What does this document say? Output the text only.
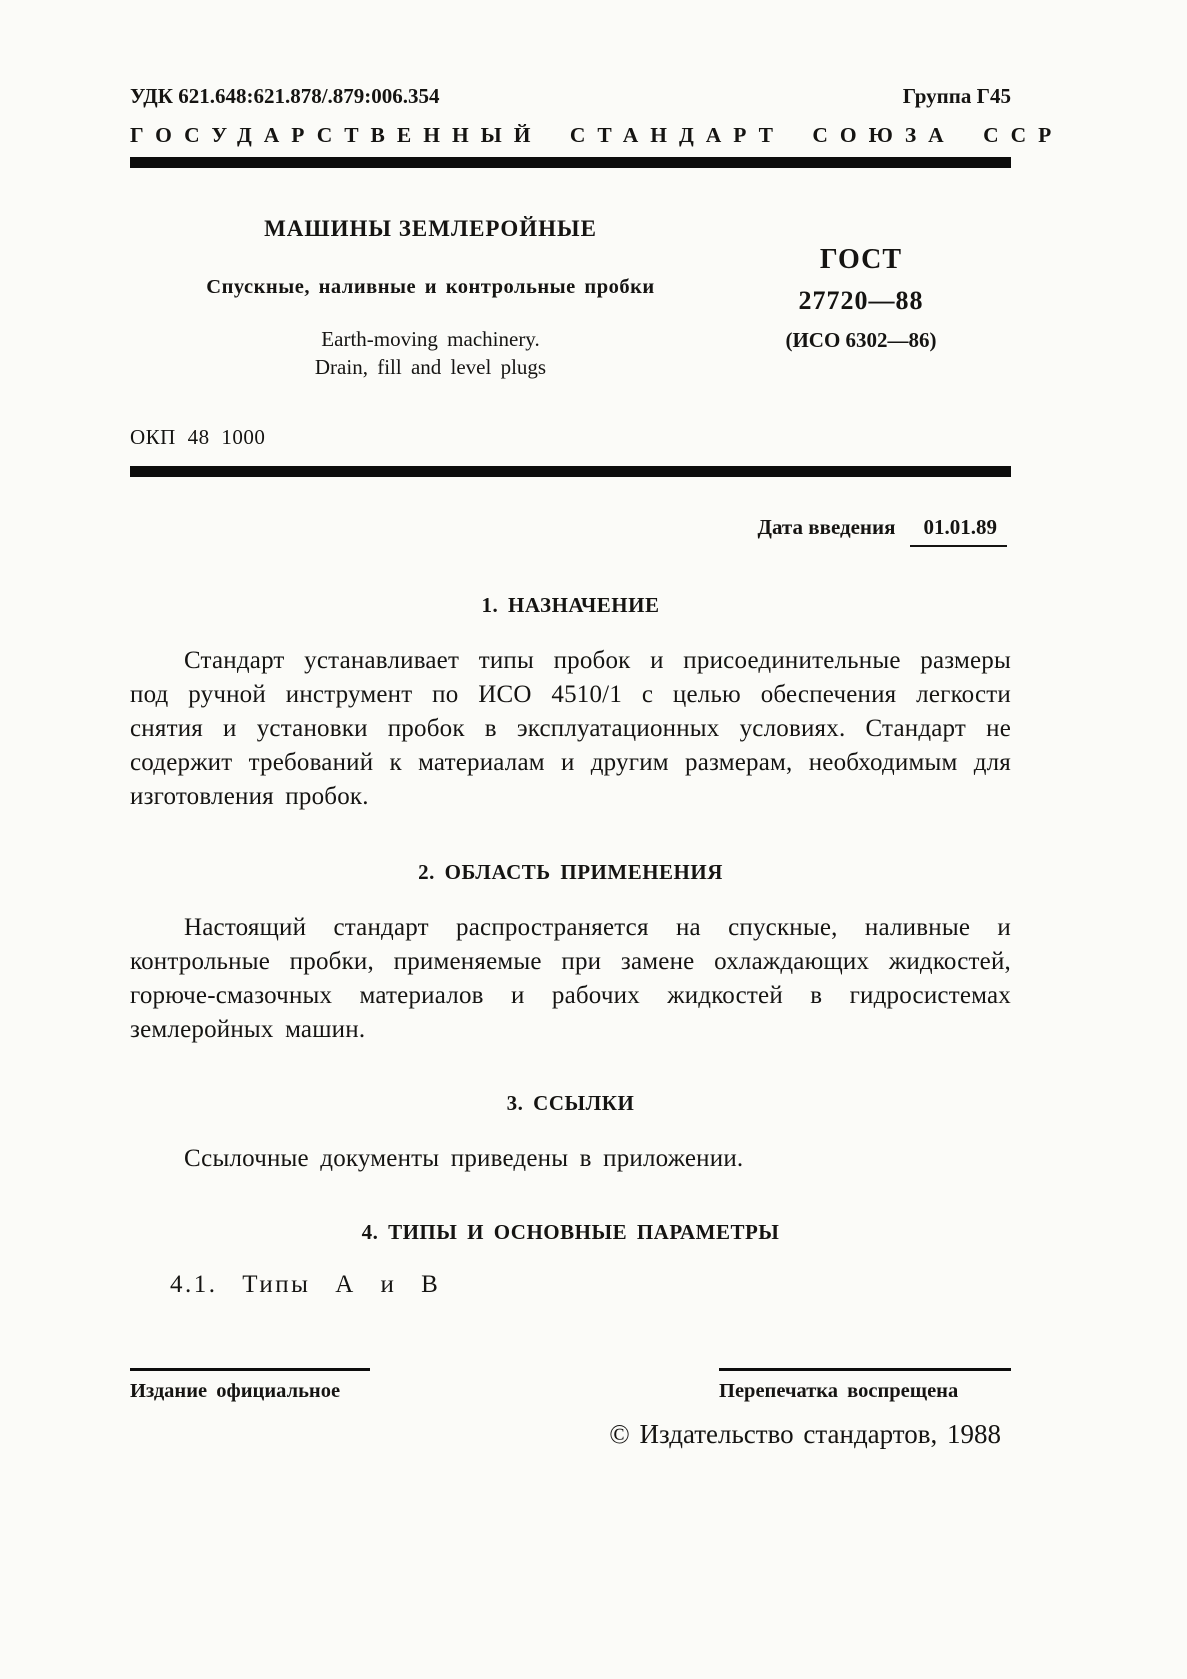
УДК 621.648:621.878/.879:006.354	Группа Г45
ГОСУДАРСТВЕННЫЙ СТАНДАРТ СОЮЗА ССР
МАШИНЫ ЗЕМЛЕРОЙНЫЕ
Спускные, наливные и контрольные пробки
Earth-moving machinery.
Drain, fill and level plugs
ГОСТ
27720—88
(ИСО 6302—86)
ОКП 48 1000
Дата введения 01.01.89
1. НАЗНАЧЕНИЕ
Стандарт устанавливает типы пробок и присоединительные размеры под ручной инструмент по ИСО 4510/1 с целью обеспечения легкости снятия и установки пробок в эксплуатационных условиях. Стандарт не содержит требований к материалам и другим размерам, необходимым для изготовления пробок.
2. ОБЛАСТЬ ПРИМЕНЕНИЯ
Настоящий стандарт распространяется на спускные, наливные и контрольные пробки, применяемые при замене охлаждающих жидкостей, горюче-смазочных материалов и рабочих жидкостей в гидросистемах землеройных машин.
3. ССЫЛКИ
Ссылочные документы приведены в приложении.
4. ТИПЫ И ОСНОВНЫЕ ПАРАМЕТРЫ
4.1. Типы А и В
Издание официальное	Перепечатка воспрещена
© Издательство стандартов, 1988
